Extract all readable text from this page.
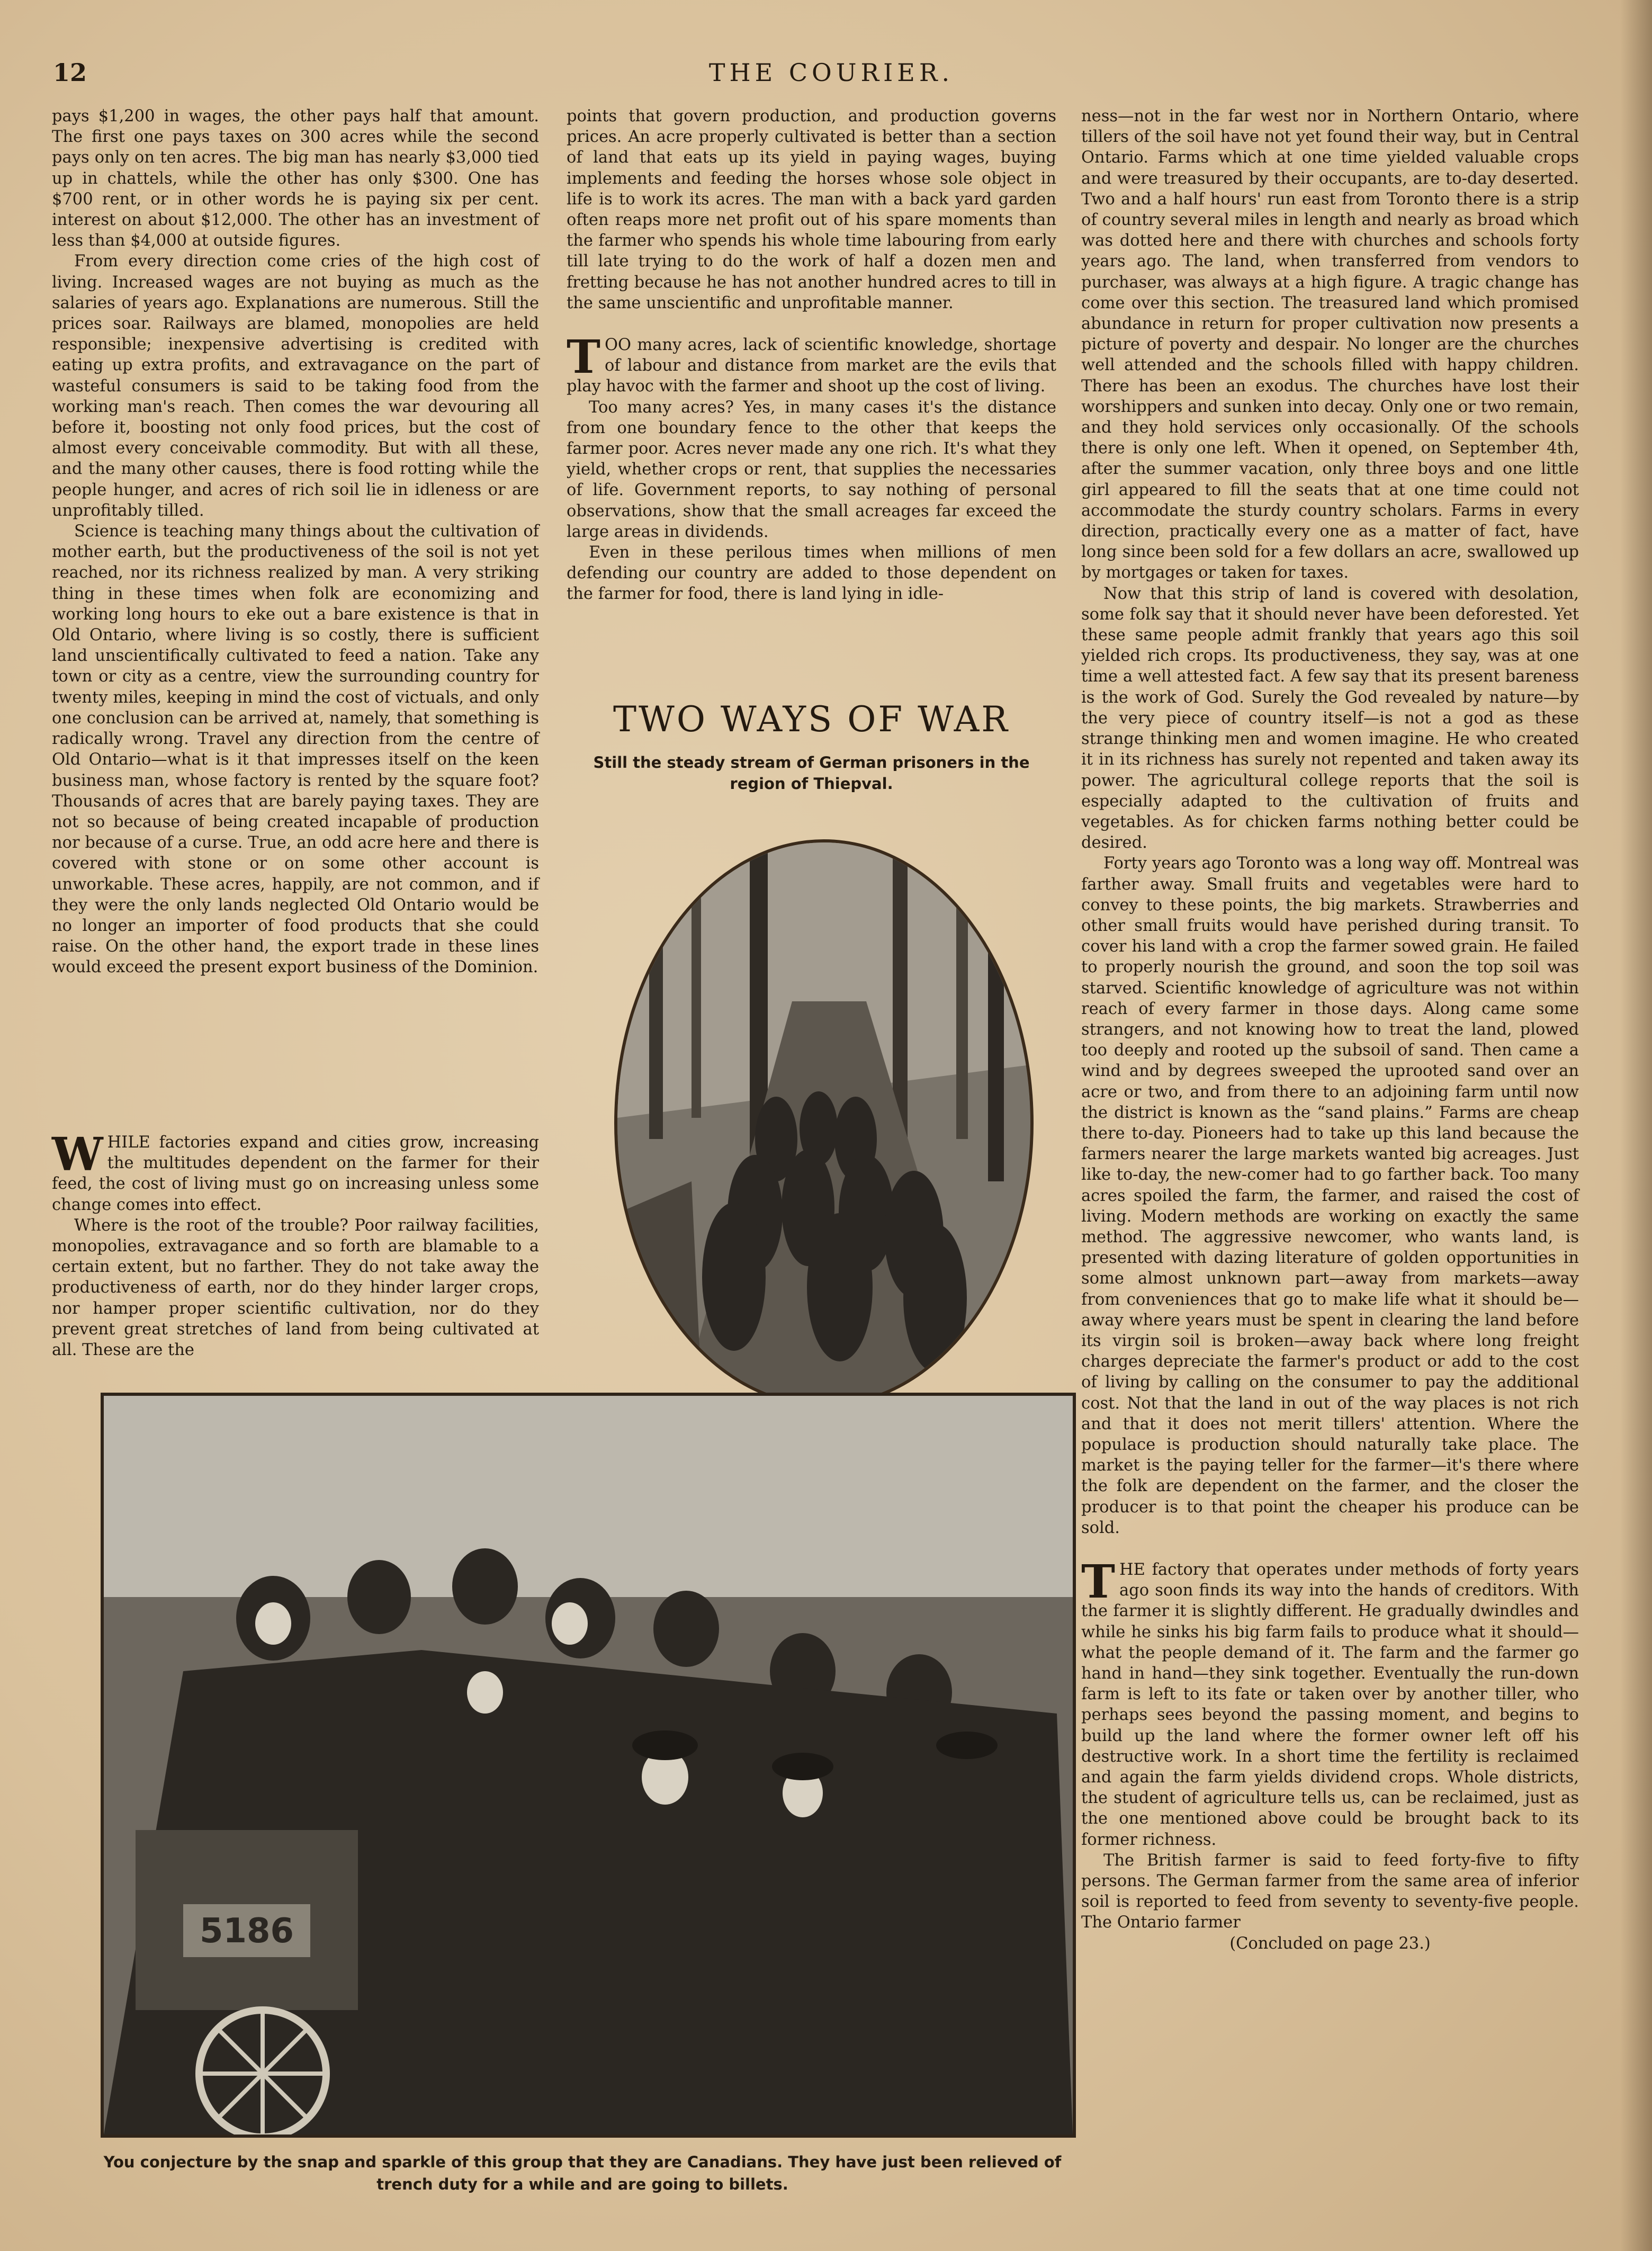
12	THE COURIER.

pays $1,200 in wages, the other pays half that amount. The first one pays taxes on 300 acres while the second pays only on ten acres. The big man has nearly $3,000 tied up in chattels, while the other has only $300. One has $700 rent, or in other words he is paying six per cent. interest on about $12,000. The other has an investment of less than $4,000 at outside figures.

From every direction come cries of the high cost of living. Increased wages are not buying as much as the salaries of years ago. Explanations are numerous. Still the prices soar. Railways are blamed, monopolies are held responsible; inexpensive advertising is credited with eating up extra profits, and extravagance on the part of wasteful consumers is said to be taking food from the working man's reach. Then comes the war devouring all before it, boosting not only food prices, but the cost of almost every conceivable commodity. But with all these, and the many other causes, there is food rotting while the people hunger, and acres of rich soil lie in idleness or are unprofitably tilled.

Science is teaching many things about the cultivation of mother earth, but the productiveness of the soil is not yet reached, nor its richness realized by man. A very striking thing in these times when folk are economizing and working long hours to eke out a bare existence is that in Old Ontario, where living is so costly, there is sufficient land unscientifically cultivated to feed a nation. Take any town or city as a centre, view the surrounding country for twenty miles, keeping in mind the cost of victuals, and only one conclusion can be arrived at, namely, that something is radically wrong. Travel any direction from the centre of Old Ontario—what is it that impresses itself on the keen business man, whose factory is rented by the square foot? Thousands of acres that are barely paying taxes. They are not so because of being created incapable of production nor because of a curse. True, an odd acre here and there is covered with stone or on some other account is unworkable. These acres, happily, are not common, and if they were the only lands neglected Old Ontario would be no longer an importer of food products that she could raise. On the other hand, the export trade in these lines would exceed the present export business of the Dominion.

WHILE factories expand and cities grow, increasing the multitudes dependent on the farmer for their feed, the cost of living must go on increasing unless some change comes into effect.

Where is the root of the trouble? Poor railway facilities, monopolies, extravagance and so forth are blamable to a certain extent, but no farther. They do not take away the productiveness of earth, nor do they hinder larger crops, nor hamper proper scientific cultivation, nor do they prevent great stretches of land from being cultivated at all. These are the

points that govern production, and production governs prices. An acre properly cultivated is better than a section of land that eats up its yield in paying wages, buying implements and feeding the horses whose sole object in life is to work its acres. The man with a back yard garden often reaps more net profit out of his spare moments than the farmer who spends his whole time labouring from early till late trying to do the work of half a dozen men and fretting because he has not another hundred acres to till in the same unscientific and unprofitable manner.

TOO many acres, lack of scientific knowledge, shortage of labour and distance from market are the evils that play havoc with the farmer and shoot up the cost of living.

Too many acres? Yes, in many cases it's the distance from one boundary fence to the other that keeps the farmer poor. Acres never made any one rich. It's what they yield, whether crops or rent, that supplies the necessaries of life. Government reports, to say nothing of personal observations, show that the small acreages far exceed the large areas in dividends.

Even in these perilous times when millions of men defending our country are added to those dependent on the farmer for food, there is land lying in idle-

TWO WAYS OF WAR
Still the steady stream of German prisoners in the region of Thiepval.
5186
You conjecture by the snap and sparkle of this group that they are Canadians. They have just been relieved of trench duty for a while and are going to billets.

ness—not in the far west nor in Northern Ontario, where tillers of the soil have not yet found their way, but in Central Ontario. Farms which at one time yielded valuable crops and were treasured by their occupants, are to-day deserted. Two and a half hours' run east from Toronto there is a strip of country several miles in length and nearly as broad which was dotted here and there with churches and schools forty years ago. The land, when transferred from vendors to purchaser, was always at a high figure. A tragic change has come over this section. The treasured land which promised abundance in return for proper cultivation now presents a picture of poverty and despair. No longer are the churches well attended and the schools filled with happy children. There has been an exodus. The churches have lost their worshippers and sunken into decay. Only one or two remain, and they hold services only occasionally. Of the schools there is only one left. When it opened, on September 4th, after the summer vacation, only three boys and one little girl appeared to fill the seats that at one time could not accommodate the sturdy country scholars. Farms in every direction, practically every one as a matter of fact, have long since been sold for a few dollars an acre, swallowed up by mortgages or taken for taxes.

Now that this strip of land is covered with desolation, some folk say that it should never have been deforested. Yet these same people admit frankly that years ago this soil yielded rich crops. Its productiveness, they say, was at one time a well attested fact. A few say that its present bareness is the work of God. Surely the God revealed by nature—by the very piece of country itself—is not a god as these strange thinking men and women imagine. He who created it in its richness has surely not repented and taken away its power. The agricultural college reports that the soil is especially adapted to the cultivation of fruits and vegetables. As for chicken farms nothing better could be desired.

Forty years ago Toronto was a long way off. Montreal was farther away. Small fruits and vegetables were hard to convey to these points, the big markets. Strawberries and other small fruits would have perished during transit. To cover his land with a crop the farmer sowed grain. He failed to properly nourish the ground, and soon the top soil was starved. Scientific knowledge of agriculture was not within reach of every farmer in those days. Along came some strangers, and not knowing how to treat the land, plowed too deeply and rooted up the subsoil of sand. Then came a wind and by degrees sweeped the uprooted sand over an acre or two, and from there to an adjoining farm until now the district is known as the “sand plains.” Farms are cheap there to-day. Pioneers had to take up this land because the farmers nearer the large markets wanted big acreages. Just like to-day, the new-comer had to go farther back. Too many acres spoiled the farm, the farmer, and raised the cost of living. Modern methods are working on exactly the same method. The aggressive newcomer, who wants land, is presented with dazing literature of golden opportunities in some almost unknown part—away from markets—away from conveniences that go to make life what it should be—away where years must be spent in clearing the land before its virgin soil is broken—away back where long freight charges depreciate the farmer's product or add to the cost of living by calling on the consumer to pay the additional cost. Not that the land in out of the way places is not rich and that it does not merit tillers' attention. Where the populace is production should naturally take place. The market is the paying teller for the farmer—it's there where the folk are dependent on the farmer, and the closer the producer is to that point the cheaper his produce can be sold.

THE factory that operates under methods of forty years ago soon finds its way into the hands of creditors. With the farmer it is slightly different. He gradually dwindles and while he sinks his big farm fails to produce what it should—what the people demand of it. The farm and the farmer go hand in hand—they sink together. Eventually the run-down farm is left to its fate or taken over by another tiller, who perhaps sees beyond the passing moment, and begins to build up the land where the former owner left off his destructive work. In a short time the fertility is reclaimed and again the farm yields dividend crops. Whole districts, the student of agriculture tells us, can be reclaimed, just as the one mentioned above could be brought back to its former richness.

The British farmer is said to feed forty-five to fifty persons. The German farmer from the same area of inferior soil is reported to feed from seventy to seventy-five people. The Ontario farmer

(Concluded on page 23.)
